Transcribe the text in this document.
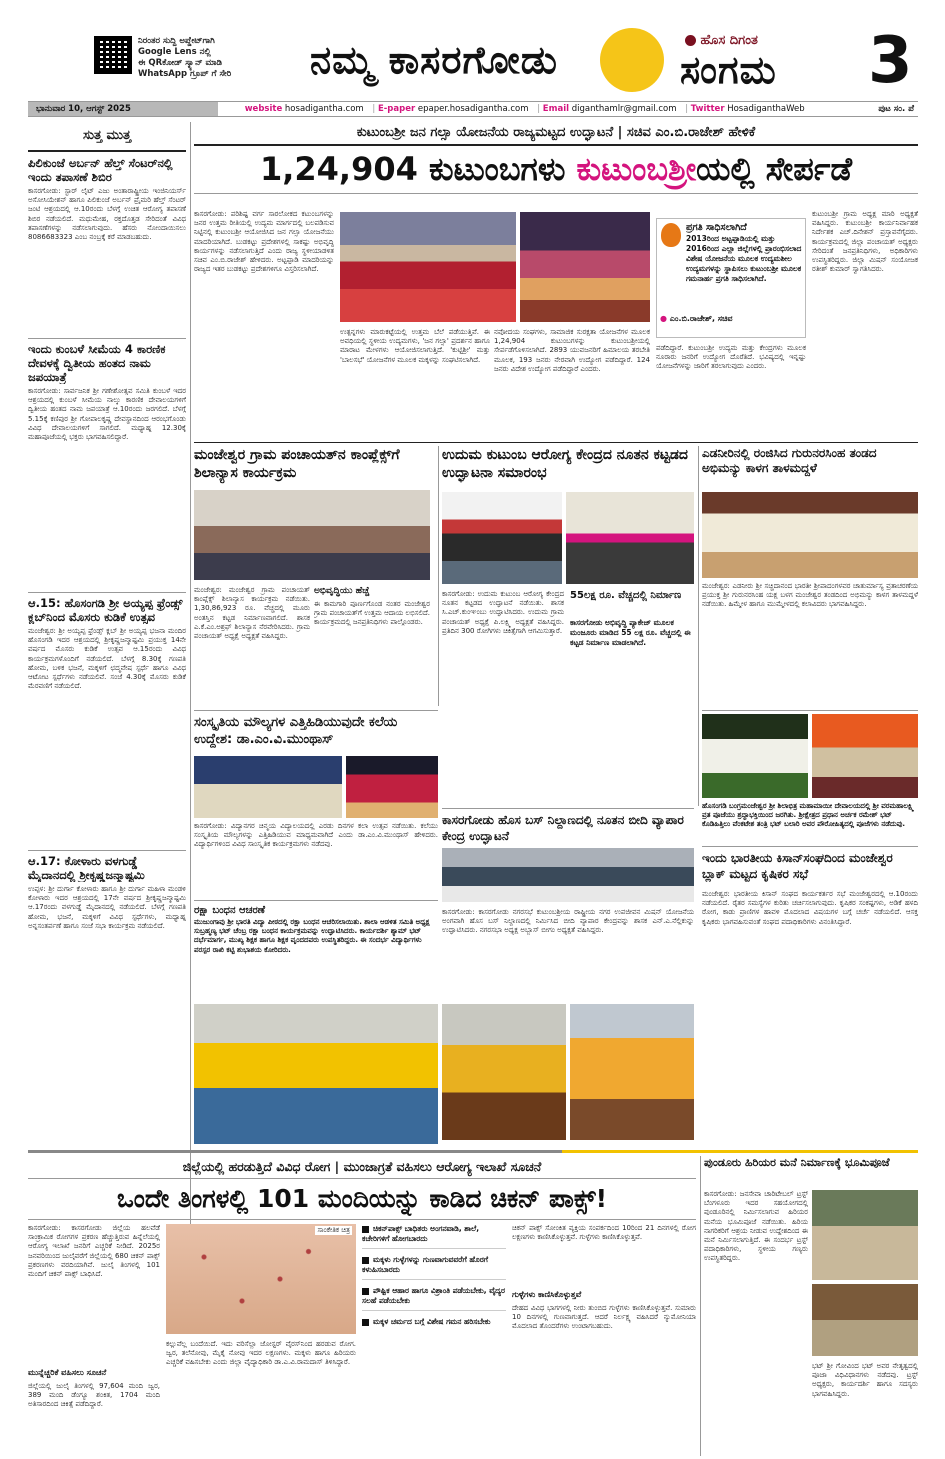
ನಿರಂತರ ಸುದ್ದಿ ಅಪ್ಡೇಟ್‌ಗಾಗಿ
Google Lens ನಲ್ಲಿ
ಈ QRಕೋಡ್ ಸ್ಕ್ಯಾನ್ ಮಾಡಿ
WhatsApp ಗ್ರೂಪ್ ಗೆ ಸೇರಿ	ನಮ್ಮ ಕಾಸರಗೋಡು	ಹೊಸ ದಿಗಂತ
ಸಂಗಮ 3
ಭಾನುವಾರ 10, ಆಗಸ್ಟ್ 2025	website hosadigantha.com | E-paper epaper.hosadigantha.com | Email diganthamlr@gmail.com | Twitter HosadiganthaWeb	ಪುಟ ಸಂ. ಪೆ
ಸುತ್ತ ಮುತ್ತ
ಪಿಲಿಕುಂಜೆ ಅರ್ಬನ್ ಹೆಲ್ತ್ ಸೆಂಟರ್‌ನಲ್ಲಿ ಇಂದು ತಪಾಸಣೆ ಶಿಬಿರ
ಕಾಸರಗೋಡು: ಸ್ಟಾರ್ ಲೈಟ್ ಎಜು ಅಂತಾರಾಷ್ಟ್ರೀಯ ಇಂಜಿನಿಯರ್ಸ್ ಅಸೋಸಿಯೇಶನ್ ಹಾಗೂ ಪಿಲಿಕುಂಜೆ ಅರ್ಬನ್ ಪ್ರೈಮರಿ ಹೆಲ್ತ್ ಸೆಂಟರ್ ಜಂಟಿ ಆಶ್ರಯದಲ್ಲಿ ಆ.10ರಂದು ಬೆಳಗ್ಗೆ ಉಚಿತ ಆರೋಗ್ಯ ತಪಾಸಣೆ ಶಿಬಿರ ನಡೆಯಲಿದೆ. ಮಧುಮೇಹ, ರಕ್ತದೊತ್ತಡ ಸೇರಿದಂತೆ ವಿವಿಧ ತಪಾಸಣೆಗಳನ್ನು ನಡೆಸಲಾಗುವುದು. ಹೆಸರು ನೋಂದಾಯಿಸಲು 8086683323 ಎಂಬ ನಂಬ್ರಕ್ಕೆ ಕರೆ ಮಾಡಬಹುದು.
ಇಂದು ಕುಂಬಳೆ ಸೀಮೆಯ 4 ಕಾರಣಿಕ ದೇವಳಕ್ಕೆ ದ್ವಿತೀಯ ಹಂತದ ನಾಮ ಜಪಯಾತ್ರೆ
ಕಾಸರಗೋಡು: ಸಾರ್ವಜನಿಕ ಶ್ರೀ ಗಣೇಶೋತ್ಸವ ಸಮಿತಿ ಕುಂಬಳೆ ಇದರ ಆಶ್ರಯದಲ್ಲಿ ಕುಂಬಳೆ ಸೀಮೆಯ ನಾಲ್ಕು ಕಾರಣಿಕ ದೇವಾಲಯಗಳಿಗೆ ದ್ವಿತೀಯ ಹಂತದ ನಾಮ ಜಪಯಾತ್ರೆ ಆ.10ರಂದು ಜರಗಲಿದೆ. ಬೆಳಗ್ಗೆ 5.15ಕ್ಕೆ ಕಣಿಪುರ ಶ್ರೀ ಗೋಪಾಲಕೃಷ್ಣ ದೇವಸ್ಥಾನದಿಂದ ಆರಂಭಗೊಂಡು ವಿವಿಧ ದೇವಾಲಯಗಳಿಗೆ ಸಾಗಲಿದೆ. ಮಧ್ಯಾಹ್ನ 12.30ಕ್ಕೆ ಮಹಾಪೂಜೆಯಲ್ಲಿ ಭಕ್ತರು ಭಾಗವಹಿಸಲಿದ್ದಾರೆ.
ಆ.15: ಹೊಸಂಗಡಿ ಶ್ರೀ ಅಯ್ಯಪ್ಪ ಫ್ರೆಂಡ್ಸ್ ಕ್ಲಬ್‌ನಿಂದ ಮೊಸರು ಕುಡಿಕೆ ಉತ್ಸವ
ಮಂಜೇಶ್ವರ: ಶ್ರೀ ಅಯ್ಯಪ್ಪ ಫ್ರೆಂಡ್ಸ್ ಕ್ಲಬ್ ಶ್ರೀ ಅಯ್ಯಪ್ಪ ಭಜನಾ ಮಂದಿರ ಹೊಸಂಗಡಿ ಇದರ ಆಶ್ರಯದಲ್ಲಿ ಶ್ರೀಕೃಷ್ಣಜನ್ಮಾಷ್ಟಮಿ ಪ್ರಯುಕ್ತ 14ನೇ ವರ್ಷದ ಮೊಸರು ಕುಡಿಕೆ ಉತ್ಸವ ಆ.15ರಂದು ವಿವಿಧ ಕಾರ್ಯಕ್ರಮಗಳೊಂದಿಗೆ ನಡೆಯಲಿದೆ. ಬೆಳಗ್ಗೆ 8.30ಕ್ಕೆ ಗಣಪತಿ ಹೋಮ, ಬಳಿಕ ಭಜನೆ, ಮಕ್ಕಳಿಗೆ ಛದ್ಮವೇಷ ಸ್ಪರ್ಧೆ ಹಾಗೂ ವಿವಿಧ ಆಟೋಟ ಸ್ಪರ್ಧೆಗಳು ನಡೆಯಲಿವೆ. ಸಂಜೆ 4.30ಕ್ಕೆ ಮೊಸರು ಕುಡಿಕೆ ಮೆರವಣಿಗೆ ನಡೆಯಲಿದೆ.
ಆ.17: ಕೋಳಾರು ವಳಗುಡ್ಡೆ ಮೈದಾನದಲ್ಲಿ ಶ್ರೀಕೃಷ್ಣಜನ್ಮಾಷ್ಟಮಿ
ಉಪ್ಪಳ: ಶ್ರೀ ದುರ್ಗಾ ಕೋಳಾರು ಹಾಗೂ ಶ್ರೀ ದುರ್ಗಾ ಮಹಿಳಾ ಮಂಡಳಿ ಕೋಳಾರು ಇದರ ಆಶ್ರಯದಲ್ಲಿ 17ನೇ ವರ್ಷದ ಶ್ರೀಕೃಷ್ಣಜನ್ಮಾಷ್ಟಮಿ ಆ.17ರಂದು ವಳಗುಡ್ಡೆ ಮೈದಾನದಲ್ಲಿ ನಡೆಯಲಿದೆ. ಬೆಳಗ್ಗೆ ಗಣಪತಿ ಹೋಮ, ಭಜನೆ, ಮಕ್ಕಳಿಗೆ ವಿವಿಧ ಸ್ಪರ್ಧೆಗಳು, ಮಧ್ಯಾಹ್ನ ಅನ್ನಸಂತರ್ಪಣೆ ಹಾಗೂ ಸಂಜೆ ಸಭಾ ಕಾರ್ಯಕ್ರಮ ನಡೆಯಲಿದೆ.
ಕುಟುಂಬಶ್ರೀ ಜನ ಗಲ್ಸಾ ಯೋಜನೆಯ ರಾಜ್ಯಮಟ್ಟದ ಉದ್ಘಾಟನೆ | ಸಚಿವ ಎಂ.ಬಿ.ರಾಜೇಶ್ ಹೇಳಿಕೆ
1,24,904 ಕುಟುಂಬಗಳು ಕುಟುಂಬಶ್ರೀಯಲ್ಲಿ ಸೇರ್ಪಡೆ
ಕಾಸರಗೋಡು: ಪರಿಶಿಷ್ಟ ವರ್ಗ ಸಾರಲೋಕದ ಕಟುಂಬಗಳನ್ನು ಜನರ ಉತ್ತಮ ರೀತಿಯಲ್ಲಿ ಉದ್ಯಮ ಮಾರ್ಗದಲ್ಲಿ ಬಲಪಡಿಸುವ ನಿಟ್ಟಿನಲ್ಲಿ ಕುಟುಂಬಶ್ರೀ ಆಯೋಜಿಸಿದ ಜನ ಗಲ್ಸಾ ಯೋಜನೆಯು ಮಾದರಿಯಾಗಿದೆ. ಬುಡಕಟ್ಟು ಪ್ರದೇಶಗಳಲ್ಲಿ ಸಾಕಷ್ಟು ಅಭಿವೃದ್ಧಿ ಕಾರ್ಯಗಳನ್ನು ನಡೆಸಲಾಗುತ್ತಿದೆ ಎಂದು ರಾಜ್ಯ ಸ್ಥಳೀಯಾಡಳಿತ ಸಚಿವ ಎಂ.ಬಿ.ರಾಜೇಶ್ ಹೇಳಿದರು. ಅಟ್ಟಪ್ಪಾಡಿ ಮಾದರಿಯನ್ನು ರಾಜ್ಯದ ಇತರ ಬುಡಕಟ್ಟು ಪ್ರದೇಶಗಳಿಗೂ ವಿಸ್ತರಿಸಲಾಗಿದೆ.
ಉತ್ಪನ್ನಗಳು ಮಾರುಕಟ್ಟೆಯಲ್ಲಿ ಉತ್ತಮ ಬೆಲೆ ಪಡೆಯುತ್ತಿವೆ. ಈ ಅವಧಿಯಲ್ಲಿ ಸ್ಥಳೀಯ ಉದ್ಯಮಗಳು, 'ಜನ ಗಲ್ಸಾ' ಪ್ರದರ್ಶನ ಹಾಗೂ ಮಾರಾಟ ಮೇಳಗಳು ಆಯೋಜಿಸಲಾಗುತ್ತಿದೆ. 'ಕುಟ್ಟಿಶ್ರೀ' ಮತ್ತು 'ಬಾಲಸಭೆ' ಯೋಜನೆಗಳ ಮೂಲಕ ಮಕ್ಕಳನ್ನು ಸಂಘಟಿಸಲಾಗಿದೆ.
ನವೋದಯ ಸಂಘಗಳು, ಸಾಮಾಜಿಕ ಸುರಕ್ಷತಾ ಯೋಜನೆಗಳ ಮೂಲಕ 1,24,904 ಕುಟುಂಬಗಳನ್ನು ಕುಟುಂಬಶ್ರೀಯಲ್ಲಿ ಸೇರ್ಪಡೆಗೊಳಿಸಲಾಗಿದೆ. 2893 ಯುವಜನರಿಗೆ ಹಿಮಾಲಯ ತರಬೇತಿ ಮೂಲಕ, 193 ಜನರು ನೇರವಾಗಿ ಉದ್ಯೋಗ ಪಡೆದಿದ್ದಾರೆ. 124 ಜನರು ವಿದೇಶ ಉದ್ಯೋಗ ಪಡೆದಿದ್ದಾರೆ ಎಂದರು.
ಪ್ರಗತಿ ಸಾಧಿಸಲಾಗಿದೆ
2013ರಿಂದ ಅಟ್ಟಪ್ಪಾಡಿಯಲ್ಲಿ ಮತ್ತು 2016ರಿಂದ ಎಲ್ಲಾ ಜಿಲ್ಲೆಗಳಲ್ಲಿ ಪ್ರಾರಂಭಿಸಲಾದ ವಿಶೇಷ ಯೋಜನೆಯ ಮೂಲಕ ಉದ್ಯಮಶೀಲ ಉದ್ಯಮಗಳನ್ನು ಸ್ಥಾಪಿಸಲು ಕುಟುಂಬಶ್ರೀ ಮೂಲಕ ಗಮನಾರ್ಹ ಪ್ರಗತಿ ಸಾಧಿಸಲಾಗಿದೆ.
● ಎಂ.ಬಿ.ರಾಜೇಶ್, ಸಚಿವ
ಪಡೆದಿದ್ದಾರೆ. ಕುಟುಂಬಶ್ರೀ ಉದ್ಯಮ ಮತ್ತು ಕೇಂದ್ರಗಳು ಮೂಲಕ ನೂರಾರು ಜನರಿಗೆ ಉದ್ಯೋಗ ದೊರೆತಿದೆ. ಭವಿಷ್ಯದಲ್ಲಿ ಇನ್ನಷ್ಟು ಯೋಜನೆಗಳನ್ನು ಜಾರಿಗೆ ತರಲಾಗುವುದು ಎಂದರು.
ಕುಟುಂಬಶ್ರೀ ಗ್ರಾಮ ಅಧ್ಯಕ್ಷ ಮಾರಿ ಅಧ್ಯಕ್ಷತೆ ವಹಿಸಿದ್ದರು. ಕುಟುಂಬಶ್ರೀ ಕಾರ್ಯನಿರ್ವಾಹಕ ನಿರ್ದೇಶಕ ಎಚ್.ದಿನೇಶನ್ ಪ್ರಸ್ತಾವನೆಗೈದರು. ಕಾರ್ಯಕ್ರಮದಲ್ಲಿ ಜಿಲ್ಲಾ ಪಂಚಾಯತ್ ಅಧ್ಯಕ್ಷರು ಸೇರಿದಂತೆ ಜನಪ್ರತಿನಿಧಿಗಳು, ಅಧಿಕಾರಿಗಳು ಉಪಸ್ಥಿತರಿದ್ದರು. ಜಿಲ್ಲಾ ಮಿಷನ್ ಸಂಯೋಜಕ ರತೀಶ್ ಕುಮಾರ್ ಸ್ವಾಗತಿಸಿದರು.
ಮಂಜೇಶ್ವರ ಗ್ರಾಮ ಪಂಚಾಯತ್‌ನ ಕಾಂಪ್ಲೆಕ್ಸ್‌ಗೆ ಶಿಲಾನ್ಯಾಸ ಕಾರ್ಯಕ್ರಮ
ಮಂಜೇಶ್ವರ: ಮಂಜೇಶ್ವರ ಗ್ರಾಮ ಪಂಚಾಯತ್ ಕಾಂಪ್ಲೆಕ್ಸ್ ಶಿಲಾನ್ಯಾಸ ಕಾರ್ಯಕ್ರಮ ನಡೆಯಿತು. 1,30,86,923 ರೂ. ವೆಚ್ಚದಲ್ಲಿ ಮೂರು ಅಂತಸ್ತಿನ ಕಟ್ಟಡ ನಿರ್ಮಾಣವಾಗಲಿದೆ. ಶಾಸಕ ಎ.ಕೆ.ಎಂ.ಅಶ್ರಫ್ ಶಿಲಾನ್ಯಾಸ ನೆರವೇರಿಸಿದರು. ಗ್ರಾಮ ಪಂಚಾಯತ್ ಅಧ್ಯಕ್ಷೆ ಅಧ್ಯಕ್ಷತೆ ವಹಿಸಿದ್ದರು.
ಅಭಿವೃದ್ಧಿಯು ಹೆಚ್ಚೆ
ಈ ಕಾಮಗಾರಿ ಪೂರ್ಣಗೊಂಡ ನಂತರ ಮಂಜೇಶ್ವರ ಗ್ರಾಮ ಪಂಚಾಯತ್‌ಗೆ ಉತ್ತಮ ಆದಾಯ ಲಭಿಸಲಿದೆ. ಕಾರ್ಯಕ್ರಮದಲ್ಲಿ ಜನಪ್ರತಿನಿಧಿಗಳು ಪಾಲ್ಗೊಂಡರು.
ಉದುಮ ಕುಟುಂಬ ಆರೋಗ್ಯ ಕೇಂದ್ರದ ನೂತನ ಕಟ್ಟಡದ ಉದ್ಘಾಟನಾ ಸಮಾರಂಭ
ಕಾಸರಗೋಡು: ಉದುಮ ಕುಟುಂಬ ಆರೋಗ್ಯ ಕೇಂದ್ರದ ನೂತನ ಕಟ್ಟಡದ ಉದ್ಘಾಟನೆ ನಡೆಯಿತು. ಶಾಸಕ ಸಿ.ಎಚ್.ಕುಂಞಂಬು ಉದ್ಘಾಟಿಸಿದರು. ಉದುಮ ಗ್ರಾಮ ಪಂಚಾಯತ್ ಅಧ್ಯಕ್ಷೆ ಪಿ.ಲಕ್ಷ್ಮಿ ಅಧ್ಯಕ್ಷತೆ ವಹಿಸಿದ್ದರು. ಪ್ರತಿದಿನ 300 ರೋಗಿಗಳು ಚಿಕಿತ್ಸೆಗಾಗಿ ಆಗಮಿಸುತ್ತಾರೆ.
55ಲಕ್ಷ ರೂ. ವೆಚ್ಚದಲ್ಲಿ ನಿರ್ಮಾಣ
ಕಾಸರಗೋಡು ಅಭಿವೃದ್ಧಿ ಪ್ಯಾಕೇಜ್ ಮೂಲಕ ಮಂಜೂರು ಮಾಡಿದ 55 ಲಕ್ಷ ರೂ. ವೆಚ್ಚದಲ್ಲಿ ಈ ಕಟ್ಟಡ ನಿರ್ಮಾಣ ಮಾಡಲಾಗಿದೆ.
ಎಡನೀರಿನಲ್ಲಿ ರಂಜಿಸಿದ ಗುರುನರಸಿಂಹ ತಂಡದ ಅಭಿಮನ್ಯು ಕಾಳಗ ತಾಳಮದ್ದಳೆ
ಮಂಜೇಶ್ವರ: ಎಡನೀರು ಶ್ರೀ ಸಚ್ಚಿದಾನಂದ ಭಾರತೀ ಶ್ರೀಪಾದಂಗಳವರ ಚಾತುರ್ಮಾಸ್ಯ ವ್ರತಾಚರಣೆಯ ಪ್ರಯುಕ್ತ ಶ್ರೀ ಗುರುನರಸಿಂಹ ಯಕ್ಷ ಬಳಗ ಮಂಜೇಶ್ವರ ತಂಡದಿಂದ ಅಭಿಮನ್ಯು ಕಾಳಗ ತಾಳಮದ್ದಳೆ ನಡೆಯಿತು. ಹಿಮ್ಮೇಳ ಹಾಗೂ ಮುಮ್ಮೇಳದಲ್ಲಿ ಕಲಾವಿದರು ಭಾಗವಹಿಸಿದ್ದರು.
ಸಂಸ್ಕೃತಿಯ ಮೌಲ್ಯಗಳ ಎತ್ತಿಹಿಡಿಯುವುದೇ ಕಲೆಯ ಉದ್ದೇಶ: ಡಾ.ಎಂ.ವಿ.ಮುಂಥಾಸ್
ಕಾಸರಗೋಡು: ವಿದ್ಯಾನಗರ ಚಿನ್ಮಯ ವಿದ್ಯಾಲಯದಲ್ಲಿ ಎರಡು ದಿನಗಳ ಕಲಾ ಉತ್ಸವ ನಡೆಯಿತು. ಕಲೆಯು ಸಂಸ್ಕೃತಿಯ ಮೌಲ್ಯಗಳನ್ನು ಎತ್ತಿಹಿಡಿಯುವ ಮಾಧ್ಯಮವಾಗಿದೆ ಎಂದು ಡಾ.ಎಂ.ವಿ.ಮುಂಥಾಸ್ ಹೇಳಿದರು. ವಿದ್ಯಾರ್ಥಿಗಳಿಂದ ವಿವಿಧ ಸಾಂಸ್ಕೃತಿಕ ಕಾರ್ಯಕ್ರಮಗಳು ನಡೆದವು.
ಕಾಸರಗೋಡು ಹೊಸ ಬಸ್ ನಿಲ್ದಾಣದಲ್ಲಿ ನೂತನ ಬೀದಿ ವ್ಯಾಪಾರ ಕೇಂದ್ರ ಉದ್ಘಾಟನೆ
ಕಾಸರಗೋಡು: ಕಾಸರಗೋಡು ನಗರಸಭೆ ಕುಟುಂಬಶ್ರೀಯ ರಾಷ್ಟ್ರೀಯ ನಗರ ಉಪಜೀವನ ಮಿಷನ್ ಯೋಜನೆಯ ಅಂಗವಾಗಿ ಹೊಸ ಬಸ್ ನಿಲ್ದಾಣದಲ್ಲಿ ನಿರ್ಮಿಸಿದ ಬೀದಿ ವ್ಯಾಪಾರ ಕೇಂದ್ರವನ್ನು ಶಾಸಕ ಎನ್.ಎ.ನೆಲ್ಲಿಕುನ್ನು ಉದ್ಘಾಟಿಸಿದರು. ನಗರಸಭಾ ಅಧ್ಯಕ್ಷ ಅಬ್ಬಾಸ್ ಬೀಗಂ ಅಧ್ಯಕ್ಷತೆ ವಹಿಸಿದ್ದರು.
ಹೊಸಂಗಡಿ ಬಂಗ್ರಮಂಜೇಶ್ವರ ಶ್ರೀ ಶಿಲಾಭಿತ್ರ ಮಹಾಮಾಯೀ ದೇವಾಲಯದಲ್ಲಿ ಶ್ರೀ ವರಮಹಾಲಕ್ಷ್ಮಿ ವ್ರತ ಪೂಜೆಯು ಶ್ರದ್ಧಾಭಕ್ತಿಯಿಂದ ಜರಗಿತು. ಶ್ರೀಕ್ಷೇತ್ರದ ಪ್ರಧಾನ ಅರ್ಚಕ ರಮೇಶ್ ಭಟ್ ಕೊಡಿಹಿತ್ತಿಲು ವೆಂಕಟೇಶ ತಂತ್ರಿ ಭಟ್ ಬಲಾರಿ ಅವರ ಪೌರೋಹಿತ್ಯದಲ್ಲಿ ಪೂಜೆಗಳು ನಡೆದುವು.
ಇಂದು ಭಾರತೀಯ ಕಿಸಾನ್‌ಸಂಘದಿಂದ ಮಂಜೇಶ್ವರ ಬ್ಲಾಕ್ ಮಟ್ಟದ ಕೃಷಿಕರ ಸಭೆ
ಮಂಜೇಶ್ವರ: ಭಾರತೀಯ ಕಿಸಾನ್ ಸಂಘದ ಕಾರ್ಯಕರ್ತರ ಸಭೆ ಮಂಜೇಶ್ವರದಲ್ಲಿ ಆ.10ರಂದು ನಡೆಯಲಿದೆ. ರೈತರ ಸಮಸ್ಯೆಗಳ ಕುರಿತು ಚರ್ಚಿಸಲಾಗುವುದು. ಕೃಷಿಕರ ಸಂಕಷ್ಟಗಳು, ಅಡಿಕೆ ಹಳದಿ ರೋಗ, ಕಾಡು ಪ್ರಾಣಿಗಳ ಹಾವಳಿ ಮೊದಲಾದ ವಿಷಯಗಳ ಬಗ್ಗೆ ಚರ್ಚೆ ನಡೆಯಲಿದೆ. ಆಸಕ್ತ ಕೃಷಿಕರು ಭಾಗವಹಿಸುವಂತೆ ಸಂಘದ ಪದಾಧಿಕಾರಿಗಳು ವಿನಂತಿಸಿದ್ದಾರೆ.
ರಕ್ಷಾ ಬಂಧನ ಆಚರಣೆ
ಮುಜುಂಗಾವು ಶ್ರೀ ಭಾರತಿ ವಿದ್ಯಾ ಪೀಠದಲ್ಲಿ ರಕ್ಷಾ ಬಂಧನ ಆಚರಿಸಲಾಯಿತು. ಶಾಲಾ ಆಡಳಿತ ಸಮಿತಿ ಅಧ್ಯಕ್ಷ ಸುಬ್ರಹ್ಮಣ್ಯ ಭಟ್ ಚೆಂಬ್ರ ರಕ್ಷಾ ಬಂಧನ ಕಾರ್ಯಕ್ರಮವನ್ನು ಉದ್ಘಾಟಿಸಿದರು. ಕಾರ್ಯದರ್ಶಿ ಶ್ಯಾಮ್ ಭಟ್ ದರ್ಭೆಮಾರ್ಗ, ಮುಖ್ಯ ಶಿಕ್ಷಕ ಹಾಗೂ ಶಿಕ್ಷಕ ವೃಂದದವರು ಉಪಸ್ಥಿತರಿದ್ದರು. ಈ ಸಂದರ್ಭ ವಿದ್ಯಾರ್ಥಿಗಳು ಪರಸ್ಪರ ರಾಖಿ ಕಟ್ಟಿ ಶುಭಾಶಯ ಕೋರಿದರು.
ಜಿಲ್ಲೆಯಲ್ಲಿ ಹರಡುತ್ತಿದೆ ವಿವಿಧ ರೋಗ | ಮುಂಜಾಗ್ರತೆ ವಹಿಸಲು ಆರೋಗ್ಯ ಇಲಾಖೆ ಸೂಚನೆ
ಒಂದೇ ತಿಂಗಳಲ್ಲಿ 101 ಮಂದಿಯನ್ನು ಕಾಡಿದ ಚಿಕನ್ ಪಾಕ್ಸ್!
ಕಾಸರಗೋಡು: ಕಾಸರಗೋಡು ಜಿಲ್ಲೆಯ ಹಲವೆಡೆ ಸಾಂಕ್ರಾಮಿಕ ರೋಗಗಳ ಪ್ರಕರಣ ಹೆಚ್ಚುತ್ತಿರುವ ಹಿನ್ನೆಲೆಯಲ್ಲಿ ಆರೋಗ್ಯ ಇಲಾಖೆ ಜನರಿಗೆ ಎಚ್ಚರಿಕೆ ನೀಡಿದೆ. 2025ರ ಜನವರಿಯಿಂದ ಜುಲೈವರೆಗೆ ಜಿಲ್ಲೆಯಲ್ಲಿ 680 ಚಿಕನ್ ಪಾಕ್ಸ್ ಪ್ರಕರಣಗಳು ವರದಿಯಾಗಿವೆ. ಜುಲೈ ತಿಂಗಳಲ್ಲಿ 101 ಮಂದಿಗೆ ಚಿಕನ್ ಪಾಕ್ಸ್ ಬಾಧಿಸಿದೆ.
ಮುನ್ನೆಚ್ಚರಿಕೆ ವಹಿಸಲು ಸೂಚನೆ
ಜಿಲ್ಲೆಯಲ್ಲಿ ಜುಲೈ ತಿಂಗಳಲ್ಲಿ 97,604 ಮಂದಿ ಜ್ವರ, 389 ಮಂದಿ ಡೆಂಗ್ಯೂ ಶಂಕಿತ, 1704 ಮಂದಿ ಅತಿಸಾರದಿಂದ ಚಿಕಿತ್ಸೆ ಪಡೆದಿದ್ದಾರೆ.
ಸಾಂಕೇತಿಕ ಚಿತ್ರ
ಕಲ್ಲುವೆಲ್ಲ ಬಂದೆಯಿದೆ. ಇದು ವರಿಸೆಲ್ಲಾ ಜೋಸ್ಟರ್ ವೈರಸ್‌ನಿಂದ ಹರಡುವ ರೋಗ. ಜ್ವರ, ತಲೆನೋವು, ಮೈಕೈ ನೋವು ಇದರ ಲಕ್ಷಣಗಳು. ಮಕ್ಕಳು ಹಾಗೂ ಹಿರಿಯರು ಎಚ್ಚರಿಕೆ ವಹಿಸಬೇಕು ಎಂದು ಜಿಲ್ಲಾ ವೈದ್ಯಾಧಿಕಾರಿ ಡಾ.ಎ.ವಿ.ರಾಮದಾಸ್ ತಿಳಿಸಿದ್ದಾರೆ.
ಚಿಕನ್‌ಪಾಕ್ಸ್ ಬಾಧಿತರು ಅಂಗನವಾಡಿ, ಶಾಲೆ, ಕಚೇರಿಗಳಿಗೆ ಹೋಗಬಾರದು
ಮಕ್ಕಳು ಗುಳ್ಳೆಗಳನ್ನು ಗುಣವಾಗುವವರೆಗೆ ಹೊರಗೆ ಕಳುಹಿಸಬಾರದು
ಪೌಷ್ಟಿಕ ಆಹಾರ ಹಾಗೂ ವಿಶ್ರಾಂತಿ ಪಡೆಯಬೇಕು, ವೈದ್ಯರ ಸಲಹೆ ಪಡೆಯಬೇಕು
ಮಕ್ಕಳ ಚರ್ಮದ ಬಗ್ಗೆ ವಿಶೇಷ ಗಮನ ಹರಿಸಬೇಕು
ಚಿಕನ್ ಪಾಕ್ಸ್ ಸೋಂಕಿತ ವ್ಯಕ್ತಿಯ ಸಂಪರ್ಕದಿಂದ 10ರಿಂದ 21 ದಿನಗಳಲ್ಲಿ ರೋಗ ಲಕ್ಷಣಗಳು ಕಾಣಿಸಿಕೊಳ್ಳುತ್ತವೆ. ಗುಳ್ಳೆಗಳು ಕಾಣಿಸಿಕೊಳ್ಳುತ್ತವೆ.
ಗುಳ್ಳೆಗಳು ಕಾಣಿಸಿಕೊಳ್ಳುತ್ತವೆ
ದೇಹದ ವಿವಿಧ ಭಾಗಗಳಲ್ಲಿ ನೀರು ತುಂಬಿದ ಗುಳ್ಳೆಗಳು ಕಾಣಿಸಿಕೊಳ್ಳುತ್ತವೆ. ಸುಮಾರು 10 ದಿನಗಳಲ್ಲಿ ಗುಣವಾಗುತ್ತದೆ. ಆದರೆ ನಿರ್ಲಕ್ಷ್ಯ ವಹಿಸಿದರೆ ನ್ಯುಮೋನಿಯಾ ಮೊದಲಾದ ತೊಂದರೆಗಳು ಉಂಟಾಗಬಹುದು.
ಪುಂಡೂರು ಹಿರಿಯರ ಮನೆ ನಿರ್ಮಾಣಕ್ಕೆ ಭೂಮಿಪೂಜೆ
ಕಾಸರಗೋಡು: ಜನಸೇವಾ ಚಾರಿಟೇಬಲ್ ಟ್ರಸ್ಟ್ ಬೆಂಗಳೂರು ಇದರ ಸಹಯೋಗದಲ್ಲಿ ಪುಂಡೂರಿನಲ್ಲಿ ನಿರ್ಮಿಸಲಾಗುವ ಹಿರಿಯರ ಮನೆಯ ಭೂಮಿಪೂಜೆ ನಡೆಯಿತು. ಹಿರಿಯ ನಾಗರಿಕರಿಗೆ ಆಶ್ರಯ ನೀಡುವ ಉದ್ದೇಶದಿಂದ ಈ ಮನೆ ನಿರ್ಮಿಸಲಾಗುತ್ತಿದೆ. ಈ ಸಂದರ್ಭ ಟ್ರಸ್ಟ್ ಪದಾಧಿಕಾರಿಗಳು, ಸ್ಥಳೀಯ ಗಣ್ಯರು ಉಪಸ್ಥಿತರಿದ್ದರು.
ಭಟ್ ಶ್ರೀ ಗೋವಿಂದ ಭಟ್ ಅವರ ನೇತೃತ್ವದಲ್ಲಿ ಪೂಜಾ ವಿಧಿವಿಧಾನಗಳು ನಡೆದವು. ಟ್ರಸ್ಟ್ ಅಧ್ಯಕ್ಷರು, ಕಾರ್ಯದರ್ಶಿ ಹಾಗೂ ಸದಸ್ಯರು ಭಾಗವಹಿಸಿದ್ದರು.
